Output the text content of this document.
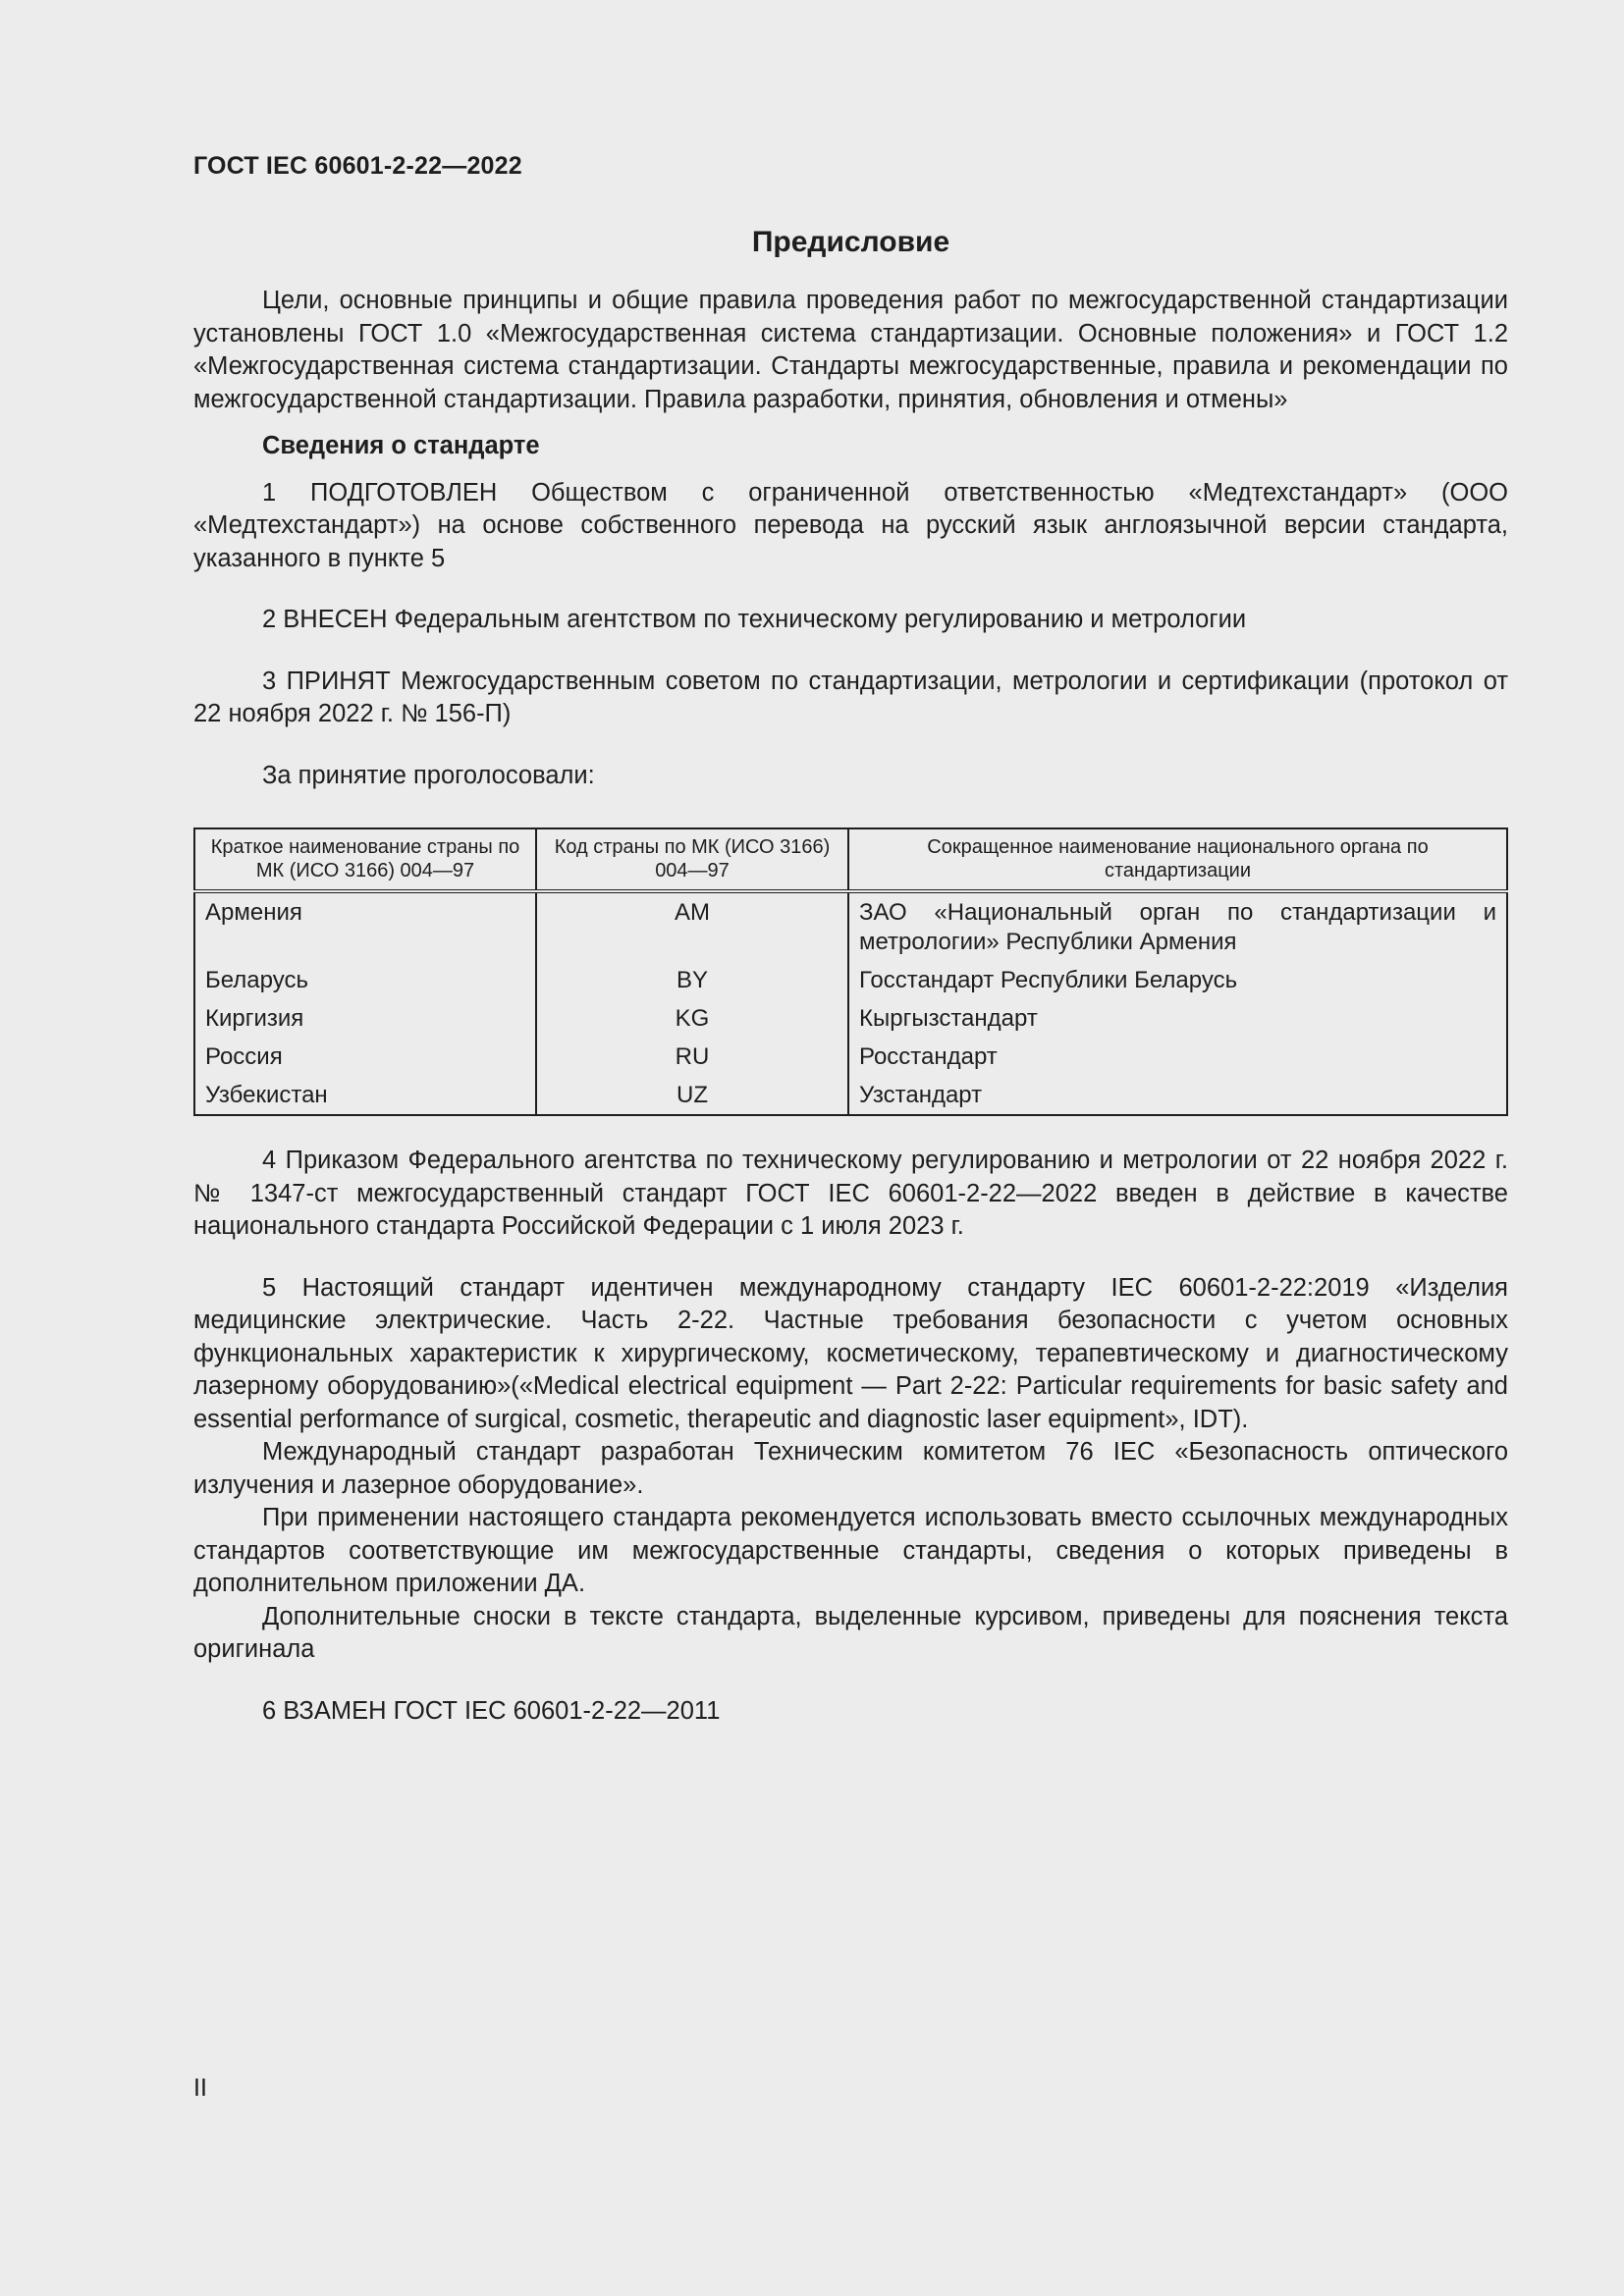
ГОСТ IEC 60601-2-22—2022
Предисловие

Цели, основные принципы и общие правила проведения работ по межгосударственной стандартизации установлены ГОСТ 1.0 «Межгосударственная система стандартизации. Основные положения» и ГОСТ 1.2 «Межгосударственная система стандартизации. Стандарты межгосударственные, правила и рекомендации по межгосударственной стандартизации. Правила разработки, принятия, обновления и отмены»

Сведения о стандарте

1 ПОДГОТОВЛЕН Обществом с ограниченной ответственностью «Медтехстандарт» (ООО «Медтехстандарт») на основе собственного перевода на русский язык англоязычной версии стандарта, указанного в пункте 5

2 ВНЕСЕН Федеральным агентством по техническому регулированию и метрологии

3 ПРИНЯТ Межгосударственным советом по стандартизации, метрологии и сертификации (протокол от 22 ноября 2022 г. № 156-П)

За принятие проголосовали:

Краткое наименование страны по МК (ИСО 3166) 004—97	Код страны по МК (ИСО 3166) 004—97	Сокращенное наименование национального органа по стандартизации
Армения	AM	ЗАО «Национальный орган по стандартизации и метрологии» Республики Армения
Беларусь	BY	Госстандарт Республики Беларусь
Киргизия	KG	Кыргызстандарт
Россия	RU	Росстандарт
Узбекистан	UZ	Узстандарт

4 Приказом Федерального агентства по техническому регулированию и метрологии от 22 ноября 2022 г. № 1347-ст межгосударственный стандарт ГОСТ IEC 60601-2-22—2022 введен в действие в качестве национального стандарта Российской Федерации с 1 июля 2023 г.

5 Настоящий стандарт идентичен международному стандарту IEC 60601-2-22:2019 «Изделия медицинские электрические. Часть 2-22. Частные требования безопасности с учетом основных функциональных характеристик к хирургическому, косметическому, терапевтическому и диагностическому лазерному оборудованию»(«Medical electrical equipment — Part 2-22: Particular requirements for basic safety and essential performance of surgical, cosmetic, therapeutic and diagnostic laser equipment», IDT).

Международный стандарт разработан Техническим комитетом 76 IEC «Безопасность оптического излучения и лазерное оборудование».

При применении настоящего стандарта рекомендуется использовать вместо ссылочных международных стандартов соответствующие им межгосударственные стандарты, сведения о которых приведены в дополнительном приложении ДА.

Дополнительные сноски в тексте стандарта, выделенные курсивом, приведены для пояснения текста оригинала

6 ВЗАМЕН ГОСТ IEC 60601-2-22—2011

II
